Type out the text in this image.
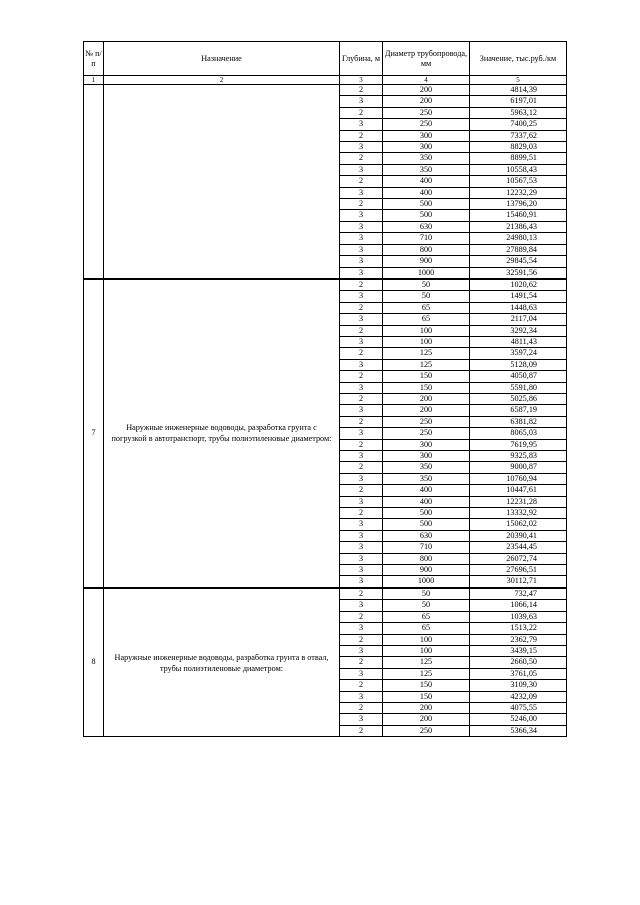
№ п/п	Назначение	Глубина, м	Диаметр трубопровода, мм	Значение, тыс.руб./км
1	2	3	4	5
		2	200	4814,39
		3	200	6197,01
		2	250	5963,12
		3	250	7400,25
		2	300	7337,62
		3	300	8829,03
		2	350	8899,51
		3	350	10558,43
		2	400	10567,53
		3	400	12232,29
		2	500	13796,20
		3	500	15460,91
		3	630	21386,43
		3	710	24980,13
		3	800	27889,84
		3	900	29845,54
		3	1000	32591,56
7	Наружные инженерные водоводы, разработка грунта с погрузкой в автотранспорт, трубы полиэтиленовые диаметром:	2	50	1020,62
		3	50	1491,54
		2	65	1448,63
		3	65	2117,04
		2	100	3292,34
		3	100	4811,43
		2	125	3597,24
		3	125	5128,09
		2	150	4050,87
		3	150	5591,80
		2	200	5025,86
		3	200	6587,19
		2	250	6381,82
		3	250	8065,03
		2	300	7619,95
		3	300	9325,83
		2	350	9000,87
		3	350	10760,94
		2	400	10447,61
		3	400	12231,28
		2	500	13332,92
		3	500	15062,02
		3	630	20390,41
		3	710	23544,45
		3	800	26072,74
		3	900	27696,51
		3	1000	30112,71
8	Наружные инженерные водоводы, разработка грунта в отвал, трубы полиэтиленовые диаметром:	2	50	732,47
		3	50	1066,14
		2	65	1039,63
		3	65	1513,22
		2	100	2362,79
		3	100	3439,15
		2	125	2660,50
		3	125	3761,05
		2	150	3109,30
		3	150	4232,09
		2	200	4075,55
		3	200	5246,00
		2	250	5366,34
